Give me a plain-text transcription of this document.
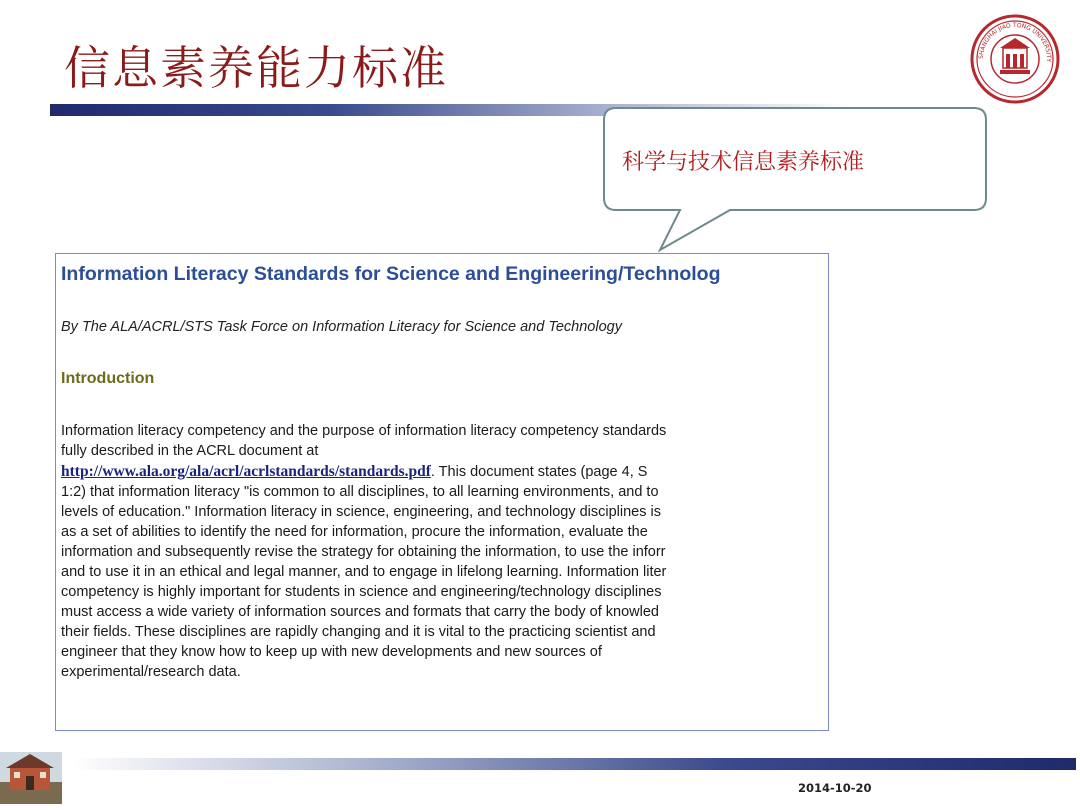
信息素养能力标准	SHANGHAI JIAO TONG UNIVERSITY
科学与技术信息素养标准
Information Literacy Standards for Science and Engineering/Technolog
By The ALA/ACRL/STS Task Force on Information Literacy for Science and Technology
Introduction
Information literacy competency and the purpose of information literacy competency standards
fully described in the ACRL document at
http://www.ala.org/ala/acrl/acrlstandards/standards.pdf. This document states (page 4, S
1:2) that information literacy "is common to all disciplines, to all learning environments, and to
levels of education." Information literacy in science, engineering, and technology disciplines is
as a set of abilities to identify the need for information, procure the information, evaluate the
information and subsequently revise the strategy for obtaining the information, to use the inforr
and to use it in an ethical and legal manner, and to engage in lifelong learning. Information liter
competency is highly important for students in science and engineering/technology disciplines
must access a wide variety of information sources and formats that carry the body of knowled
their fields. These disciplines are rapidly changing and it is vital to the practicing scientist and
engineer that they know how to keep up with new developments and new sources of
experimental/research data.
2014-10-20
